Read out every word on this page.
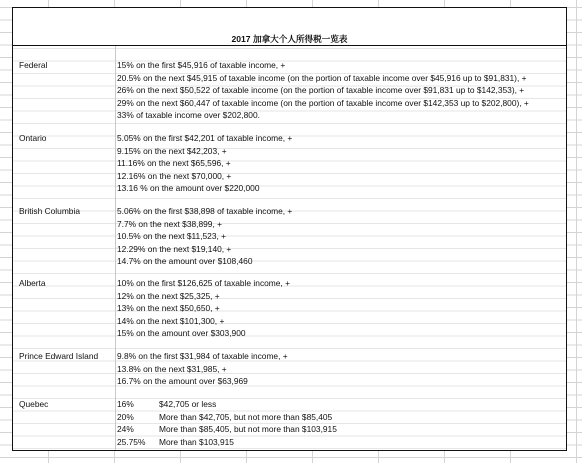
2017 加拿大个人所得税一览表
Federal	15% on the first $45,916 of taxable income, +
20.5% on the next $45,915 of taxable income (on the portion of taxable income over $45,916 up to $91,831), +
26% on the next $50,522 of taxable income (on the portion of taxable income over $91,831 up to $142,353), +
29% on the next $60,447 of taxable income (on the portion of taxable income over $142,353 up to $202,800), +
33% of taxable income over $202,800.
Ontario	5.05% on the first $42,201 of taxable income, +
9.15% on the next $42,203, +
11.16% on the next $65,596, +
12.16% on the next $70,000, +
13.16 % on the amount over $220,000
British Columbia	5.06% on the first $38,898 of taxable income, +
7.7% on the next $38,899, +
10.5% on the next $11,523, +
12.29% on the next $19,140, +
14.7% on the amount over $108,460
Alberta	10% on the first $126,625 of taxable income, +
12% on the next $25,325, +
13% on the next $50,650, +
14% on the next $101,300, +
15% on the amount over $303,900
Prince Edward Island	9.8% on the first $31,984 of taxable income, +
13.8% on the next $31,985, +
16.7% on the amount over $63,969
Quebec	16%	$42,705 or less
20%	More than $42,705, but not more than $85,405
24%	More than $85,405, but not more than $103,915
25.75% More than $103,915
